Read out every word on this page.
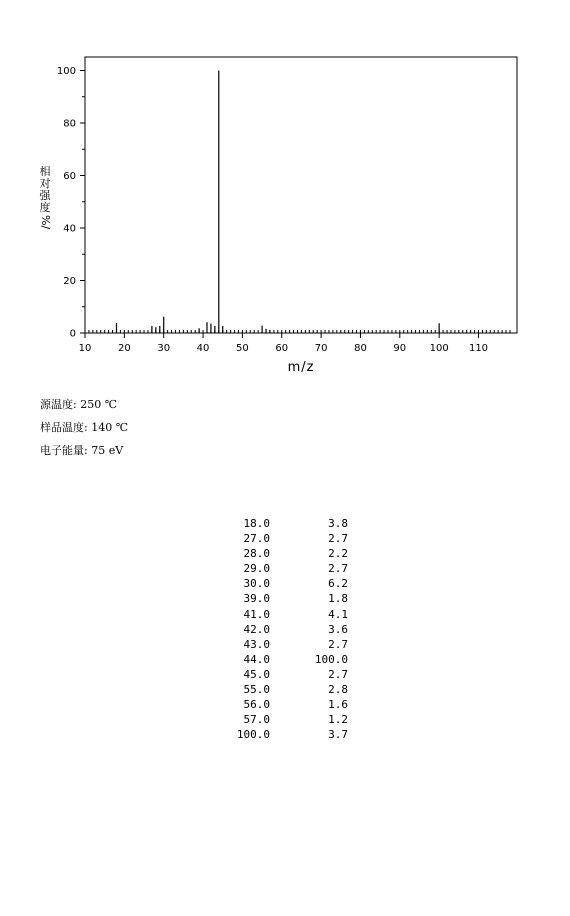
10	20	30	40	50	60	70	80	90 100 110
0
20
40
60
80
100
m/z
相
对
强
度
%/
源温度: 250 ℃
样品温度: 140 ℃
电子能量: 75 eV
18.0	3.8
27.0	2.7
28.0	2.2
29.0	2.7
30.0	6.2
39.0	1.8
41.0	4.1
42.0	3.6
43.0	2.7
44.0	100.0
45.0	2.7
55.0	2.8
56.0	1.6
57.0	1.2
100.0	3.7
